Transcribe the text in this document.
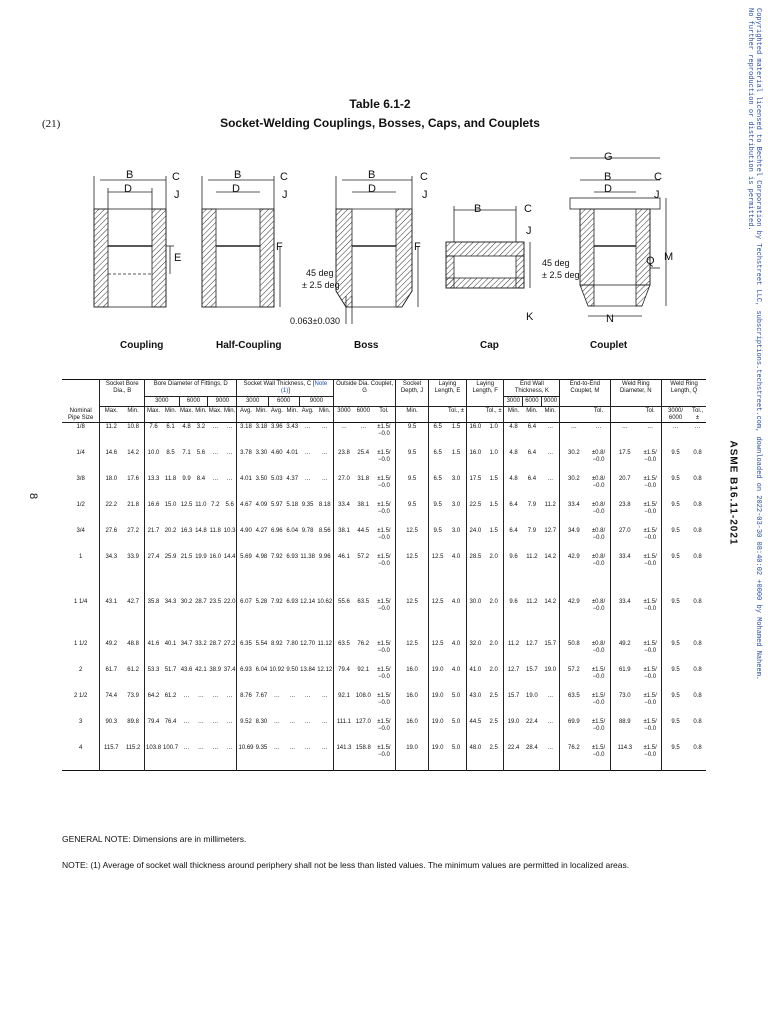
(21)
Table 6.1-2
Socket-Welding Couplings, Bosses, Caps, and Couplets	Copyrighted material licensed to Bechtel Corporation by Techstreet LLC, subscriptions.techstreet.com, downloaded on 2022-03-30 08:40:02 +0000 by Mohamed Naheem.
No further reproduction or distribution is permitted.
ASME B16.11-2021
8
B
D
C
J
E
B
D
C
J
F
B
D
C
J
F
B	C
J
K
G
B
D
C
J
M
Q
N
45 deg
± 2.5 deg
0.063±0.030
45 deg
± 2.5 deg
Coupling	Half-Coupling	Boss	Cap	Couplet
Nominal Pipe Size	Socket Bore Dia., B		Bore Diameter of Fittings, D						Socket Wall Thickness, C [Note (1)]						Outside Dia. Couplet, G			Socket Depth, J	Laying Length, E		Laying Length, F		End Wall Thickness, K			End-to-End Couplet, M		Weld Ring Diameter, N		Weld Ring Length, Q	
			3000		6000		9000		3000		6000		9000										3000	6000	9000						
	Max.	Min.	Max.	Min.	Max.	Min.	Max.	Min.	Avg.	Min.	Avg.	Min.	Avg.	Min.	3000	6000	Tol.	Min.		Tol., ±		Tol., ±	Min.	Min.	Min.		Tol.		Tol.	3000/ 6000	Tol., ±
1/8	11.2	10.8	7.6	6.1	4.8	3.2	…	…	3.18	3.18	3.96	3.43	…	…	…	…	±1.5/ −0.0	9.5	6.5	1.5	16.0	1.0	4.8	6.4	…	…	…	…	…	…	…
1/4	14.6	14.2	10.0	8.5	7.1	5.6	…	…	3.78	3.30	4.60	4.01	…	…	23.8	25.4	±1.5/ −0.0	9.5	6.5	1.5	16.0	1.0	4.8	6.4	…	30.2	±0.8/ −0.0	17.5	±1.5/ −0.0	9.5	0.8
3/8	18.0	17.6	13.3	11.8	9.9	8.4	…	…	4.01	3.50	5.03	4.37	…	…	27.0	31.8	±1.5/ −0.0	9.5	6.5	3.0	17.5	1.5	4.8	6.4	…	30.2	±0.8/ −0.0	20.7	±1.5/ −0.0	9.5	0.8
1/2	22.2	21.8	16.6	15.0	12.5	11.0	7.2	5.6	4.67	4.09	5.97	5.18	9.35	8.18	33.4	38.1	±1.5/ −0.0	9.5	9.5	3.0	22.5	1.5	6.4	7.9	11.2	33.4	±0.8/ −0.0	23.8	±1.5/ −0.0	9.5	0.8
3/4	27.6	27.2	21.7	20.2	16.3	14.8	11.8	10.3	4.90	4.27	6.96	6.04	9.78	8.56	38.1	44.5	±1.5/ −0.0	12.5	9.5	3.0	24.0	1.5	6.4	7.9	12.7	34.9	±0.8/ −0.0	27.0	±1.5/ −0.0	9.5	0.8
1	34.3	33.9	27.4	25.9	21.5	19.9	16.0	14.4	5.69	4.98	7.92	6.93	11.38	9.96	46.1	57.2	±1.5/ −0.0	12.5	12.5	4.0	28.5	2.0	9.6	11.2	14.2	42.9	±0.8/ −0.0	33.4	±1.5/ −0.0	9.5	0.8
1 1/4	43.1	42.7	35.8	34.3	30.2	28.7	23.5	22.0	6.07	5.28	7.92	6.93	12.14	10.62	55.6	63.5	±1.5/ −0.0	12.5	12.5	4.0	30.0	2.0	9.6	11.2	14.2	42.9	±0.8/ −0.0	33.4	±1.5/ −0.0	9.5	0.8
1 1/2	49.2	48.8	41.6	40.1	34.7	33.2	28.7	27.2	6.35	5.54	8.92	7.80	12.70	11.12	63.5	76.2	±1.5/ −0.0	12.5	12.5	4.0	32.0	2.0	11.2	12.7	15.7	50.8	±0.8/ −0.0	49.2	±1.5/ −0.0	9.5	0.8
2	61.7	61.2	53.3	51.7	43.6	42.1	38.9	37.4	6.93	6.04	10.92	9.50	13.84	12.12	79.4	92.1	±1.5/ −0.0	16.0	19.0	4.0	41.0	2.0	12.7	15.7	19.0	57.2	±1.5/ −0.0	61.9	±1.5/ −0.0	9.5	0.8
2 1/2	74.4	73.9	64.2	61.2	…	…	…	…	8.76	7.67	…	…	…	…	92.1	108.0	±1.5/ −0.0	16.0	19.0	5.0	43.0	2.5	15.7	19.0	…	63.5	±1.5/ −0.0	73.0	±1.5/ −0.0	9.5	0.8
3	90.3	89.8	79.4	76.4	…	…	…	…	9.52	8.30	…	…	…	…	111.1	127.0	±1.5/ −0.0	16.0	19.0	5.0	44.5	2.5	19.0	22.4	…	69.9	±1.5/ −0.0	88.9	±1.5/ −0.0	9.5	0.8
4	115.7	115.2	103.8	100.7	…	…	…	…	10.69	9.35	…	…	…	…	141.3	158.8	±1.5/ −0.0	19.0	19.0	5.0	48.0	2.5	22.4	28.4	…	76.2	±1.5/ −0.0	114.3	±1.5/ −0.0	9.5	0.8
GENERAL NOTE: Dimensions are in millimeters.
NOTE: (1) Average of socket wall thickness around periphery shall not be less than listed values. The minimum values are permitted in localized areas.
